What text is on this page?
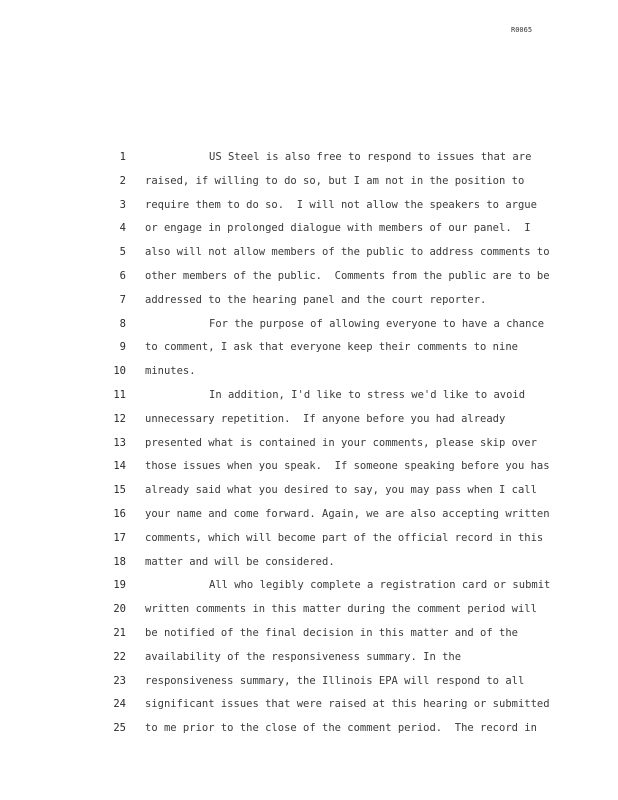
R0065
1	US Steel is also free to respond to issues that are
2 raised, if willing to do so, but I am not in the position to
3 require them to do so.  I will not allow the speakers to argue
4 or engage in prolonged dialogue with members of our panel.  I
5 also will not allow members of the public to address comments to
6 other members of the public.  Comments from the public are to be
7 addressed to the hearing panel and the court reporter.
8	For the purpose of allowing everyone to have a chance
9 to comment, I ask that everyone keep their comments to nine
10 minutes.
11	In addition, I'd like to stress we'd like to avoid
12 unnecessary repetition.  If anyone before you had already
13 presented what is contained in your comments, please skip over
14 those issues when you speak.  If someone speaking before you has
15 already said what you desired to say, you may pass when I call
16 your name and come forward. Again, we are also accepting written
17 comments, which will become part of the official record in this
18 matter and will be considered.
19	All who legibly complete a registration card or submit
20 written comments in this matter during the comment period will
21 be notified of the final decision in this matter and of the
22 availability of the responsiveness summary. In the
23 responsiveness summary, the Illinois EPA will respond to all
24 significant issues that were raised at this hearing or submitted
25 to me prior to the close of the comment period.  The record in
